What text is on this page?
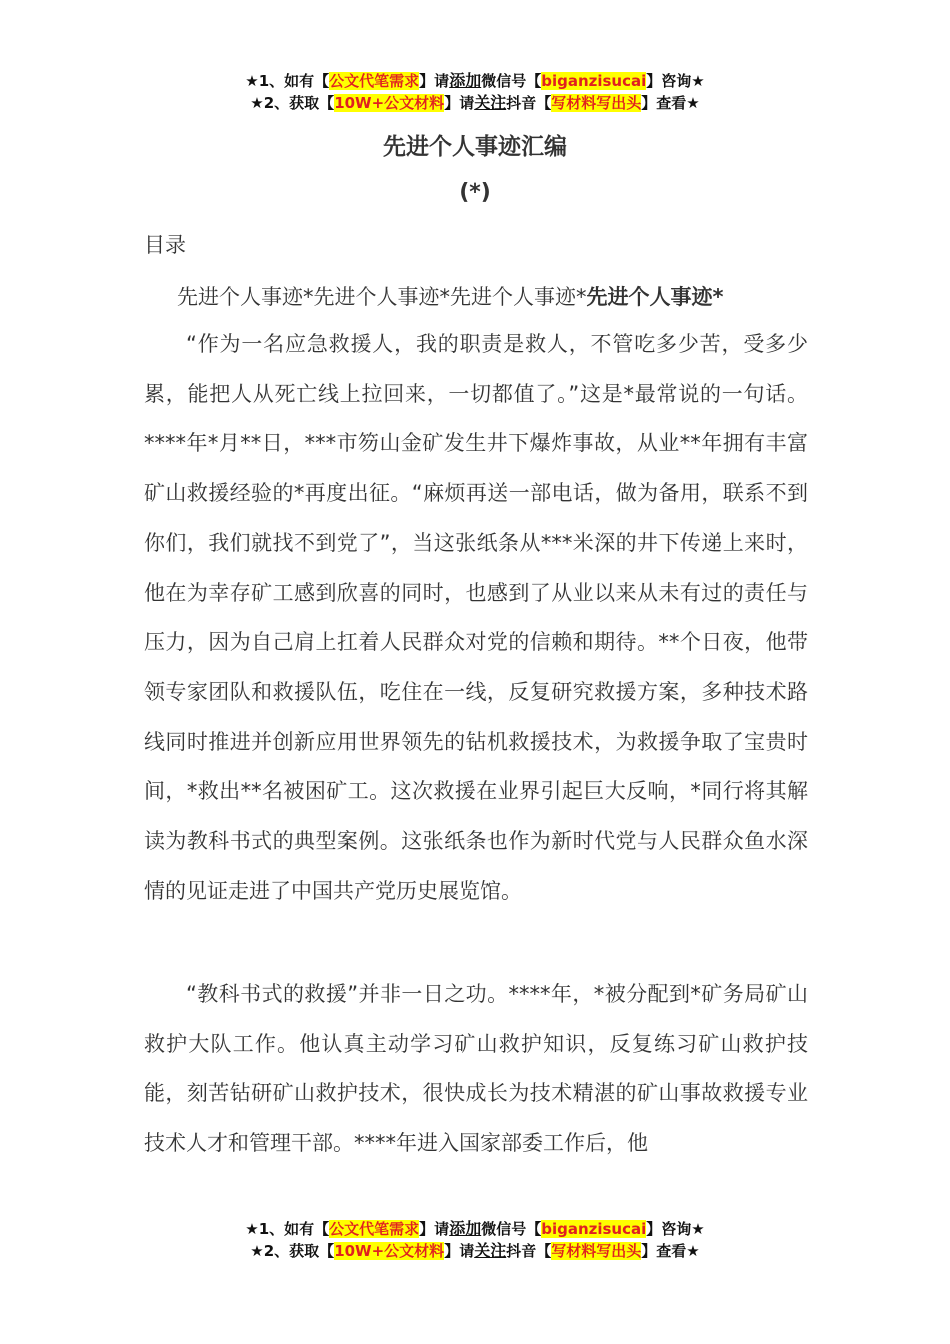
★1、如有【公文代笔需求】请添加微信号【biganzisucai】咨询★
★2、获取【10W+公文材料】请关注抖音【写材料写出头】查看★
先进个人事迹汇编
(*)
目录
先进个人事迹*先进个人事迹*先进个人事迹*先进个人事迹*

“作为一名应急救援人，我的职责是救人，不管吃多少苦，受多少累，能把人从死亡线上拉回来，一切都值了。”这是*最常说的一句话。****年*月**日，***市笏山金矿发生井下爆炸事故，从业**年拥有丰富矿山救援经验的*再度出征。“麻烦再送一部电话，做为备用，联系不到你们，我们就找不到党了”，当这张纸条从***米深的井下传递上来时，他在为幸存矿工感到欣喜的同时，也感到了从业以来从未有过的责任与压力，因为自己肩上扛着人民群众对党的信赖和期待。**个日夜，他带领专家团队和救援队伍，吃住在一线，反复研究救援方案，多种技术路线同时推进并创新应用世界领先的钻机救援技术，为救援争取了宝贵时间，*救出**名被困矿工。这次救援在业界引起巨大反响，*同行将其解读为教科书式的典型案例。这张纸条也作为新时代党与人民群众鱼水深情的见证走进了中国共产党历史展览馆。

“教科书式的救援”并非一日之功。****年，*被分配到*矿务局矿山救护大队工作。他认真主动学习矿山救护知识，反复练习矿山救护技能，刻苦钻研矿山救护技术，很快成长为技术精湛的矿山事故救援专业技术人才和管理干部。****年进入国家部委工作后，他

★1、如有【公文代笔需求】请添加微信号【biganzisucai】咨询★
★2、获取【10W+公文材料】请关注抖音【写材料写出头】查看★
